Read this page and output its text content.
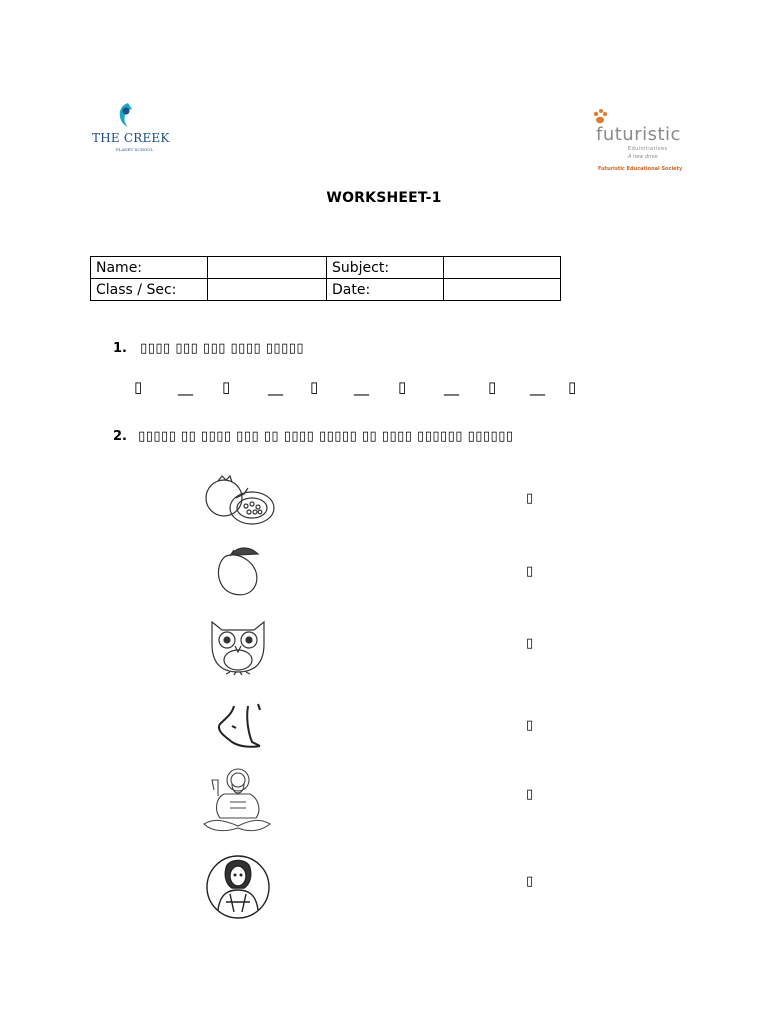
THE CREEK
PLANET SCHOOL
futuristic
Eduinitiatives
A new drive
Futuristic Educational Society
WORKSHEET-1
Name:		Subject:	
Class / Sec:		Date:	
1. ▯▯▯▯ ▯▯▯ ▯▯▯ ▯▯▯▯ ▯▯▯▯▯
▯ __ ▯	__ ▯ __ ▯	__ ▯ __ ▯
2. ▯▯▯▯▯ ▯▯ ▯▯▯▯ ▯▯▯ ▯▯ ▯▯▯▯ ▯▯▯▯▯ ▯▯ ▯▯▯▯ ▯▯▯▯▯▯ ▯▯▯▯▯▯
▯
▯
▯
▯
▯
▯
